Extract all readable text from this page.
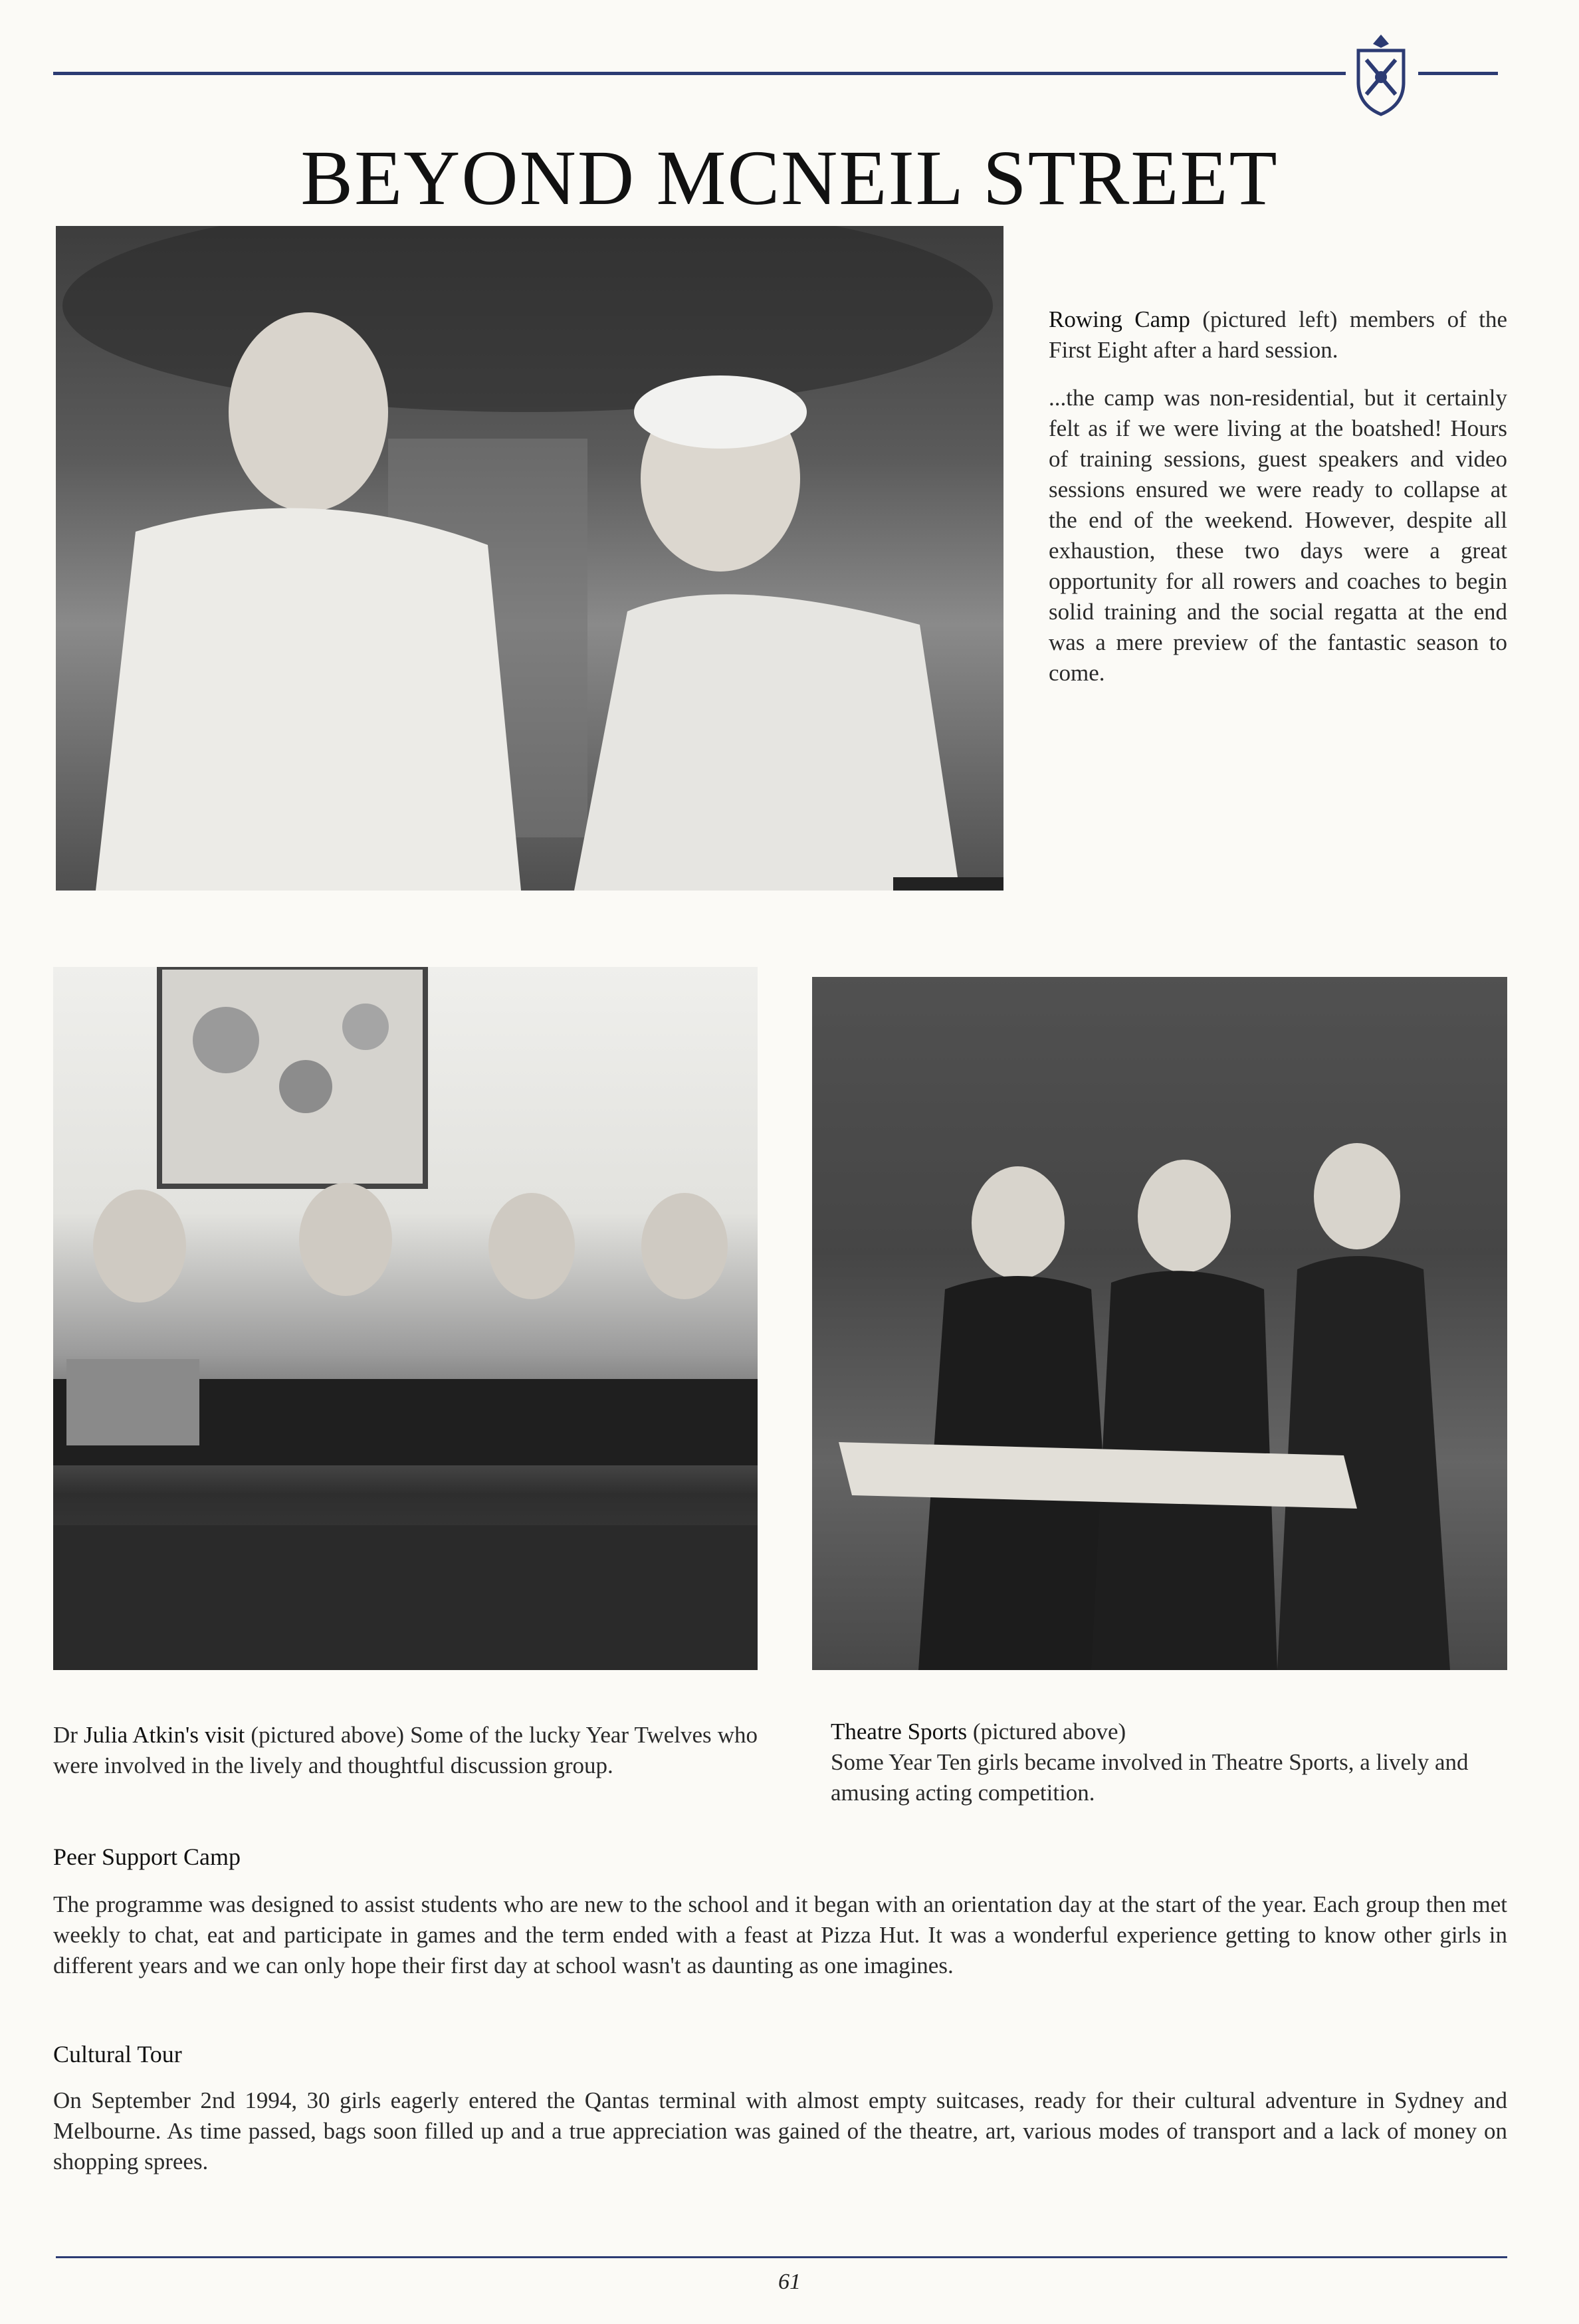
BEYOND MCNEIL STREET

Rowing Camp (pictured left) members of the First Eight after a hard session.

...the camp was non-residential, but it certainly felt as if we were living at the boatshed! Hours of training sessions, guest speakers and video sessions ensured we were ready to collapse at the end of the weekend. However, despite all exhaustion, these two days were a great opportunity for all rowers and coaches to begin solid training and the social regatta at the end was a mere preview of the fantastic season to come.

Dr Julia Atkin's visit (pictured above) Some of the lucky Year Twelves who were involved in the lively and thoughtful discussion group.
Theatre Sports (pictured above)
Some Year Ten girls became involved in Theatre Sports, a lively and amusing acting competition.
Peer Support Camp
The programme was designed to assist students who are new to the school and it began with an orientation day at the start of the year. Each group then met weekly to chat, eat and participate in games and the term ended with a feast at Pizza Hut. It was a wonderful experience getting to know other girls in different years and we can only hope their first day at school wasn't as daunting as one imagines.
Cultural Tour
On September 2nd 1994, 30 girls eagerly entered the Qantas terminal with almost empty suitcases, ready for their cultural adventure in Sydney and Melbourne. As time passed, bags soon filled up and a true appreciation was gained of the theatre, art, various modes of transport and a lack of money on shopping sprees.
61
